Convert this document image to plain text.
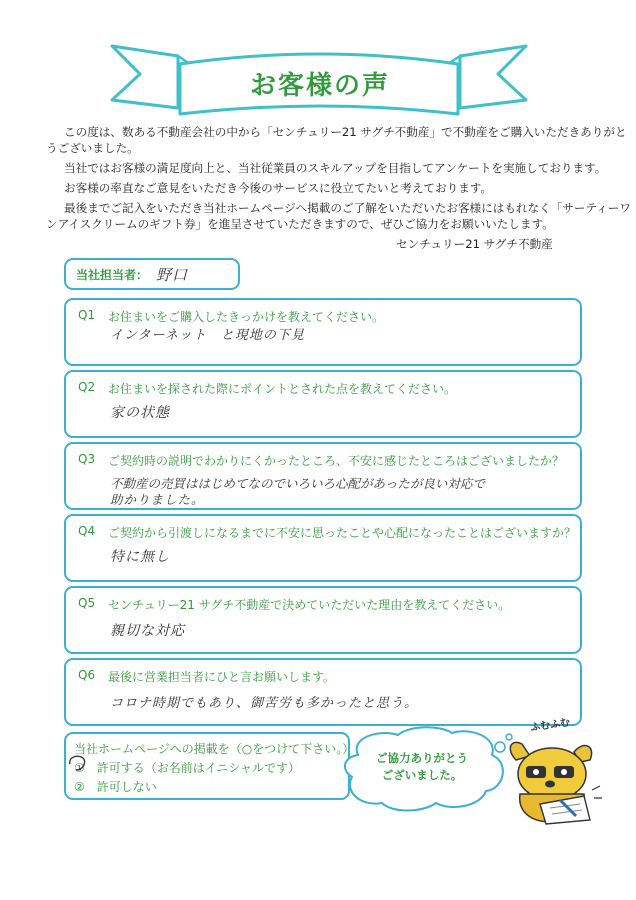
お客様の声
この度は、数ある不動産会社の中から「センチュリー21 サグチ不動産」で不動産をご購入いただきありがと
うございました。
当社ではお客様の満足度向上と、当社従業員のスキルアップを目指してアンケートを実施しております。
お客様の率直なご意見をいただき今後のサービスに役立てたいと考えております。
最後までご記入をいただき当社ホームページへ掲載のご了解をいただいたお客様にはもれなく「サーティーワ
ンアイスクリームのギフト券」を進呈させていただきますので、ぜひご協力をお願いいたします。
センチュリー21 サグチ不動産
当社担当者： 野口
Q1 お住まいをご購入したきっかけを教えてください。
インターネット　と現地の下見
Q2 お住まいを探された際にポイントとされた点を教えてください。
家の状態
Q3 ご契約時の説明でわかりにくかったところ、不安に感じたところはございましたか？
不動産の売買ははじめてなのでいろいろ心配があったが良い対応で
助かりました。
Q4 ご契約から引渡しになるまでに不安に思ったことや心配になったことはございますか？
特に無し
Q5 センチュリー21 サグチ不動産で決めていただいた理由を教えてください。
親切な対応
Q6 最後に営業担当者にひと言お願いします。
コロナ時期でもあり、御苦労も多かったと思う。
当社ホームページへの掲載を（○をつけて下さい。）
①　許可する（お名前はイニシャルです）
②　許可しない
ご協力ありがとう
ございました。
ふむふむ
